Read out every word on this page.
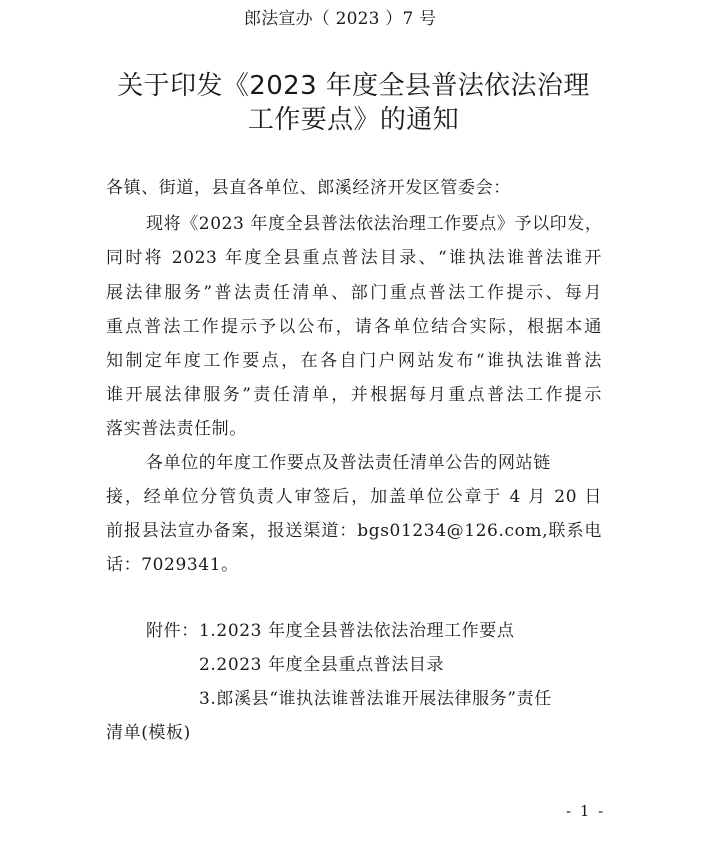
郎法宣办（ 2023 ）7 号
关于印发《2023 年度全县普法依法治理
工作要点》的通知
各镇、街道，县直各单位、郎溪经济开发区管委会：
现将《2023 年度全县普法依法治理工作要点》予以印发，
同时将 2023 年度全县重点普法目录、“谁执法谁普法谁开
展法律服务”普法责任清单、部门重点普法工作提示、每月
重点普法工作提示予以公布，请各单位结合实际，根据本通
知制定年度工作要点，在各自门户网站发布“谁执法谁普法
谁开展法律服务”责任清单，并根据每月重点普法工作提示
落实普法责任制。
各单位的年度工作要点及普法责任清单公告的网站链
接，经单位分管负责人审签后，加盖单位公章于 4 月 20 日
前报县法宣办备案，报送渠道：bgs01234@126.com,联系电
话：7029341。
附件： 1.2023 年度全县普法依法治理工作要点
2.2023 年度全县重点普法目录
3.郎溪县“谁执法谁普法谁开展法律服务”责任
清单(模板)
- 1 -
